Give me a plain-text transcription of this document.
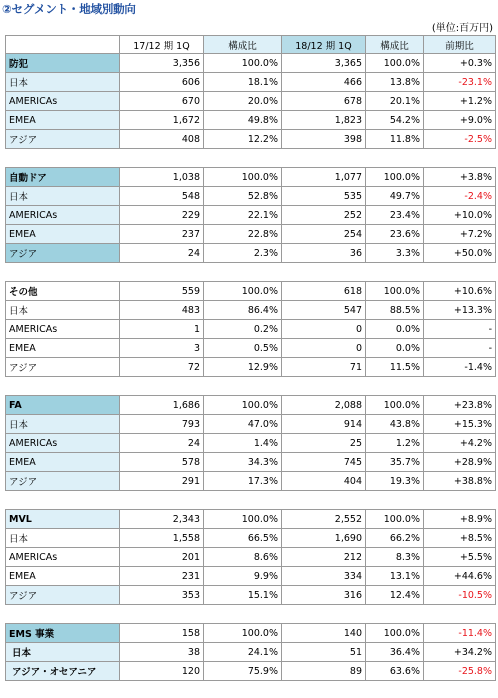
②セグメント・地域別動向
(単位:百万円)
	17/12 期 1Q	構成比	18/12 期 1Q	構成比	前期比
防犯	3,356	100.0%	3,365	100.0%	+0.3%
日本	606	18.1%	466	13.8%	-23.1%
AMERICAs	670	20.0%	678	20.1%	+1.2%
EMEA	1,672	49.8%	1,823	54.2%	+9.0%
アジア	408	12.2%	398	11.8%	-2.5%

自動ドア	1,038	100.0%	1,077	100.0%	+3.8%
日本	548	52.8%	535	49.7%	-2.4%
AMERICAs	229	22.1%	252	23.4%	+10.0%
EMEA	237	22.8%	254	23.6%	+7.2%
アジア	24	2.3%	36	3.3%	+50.0%

その他	559	100.0%	618	100.0%	+10.6%
日本	483	86.4%	547	88.5%	+13.3%
AMERICAs	1	0.2%	0	0.0%	-
EMEA	3	0.5%	0	0.0%	-
アジア	72	12.9%	71	11.5%	-1.4%

FA	1,686	100.0%	2,088	100.0%	+23.8%
日本	793	47.0%	914	43.8%	+15.3%
AMERICAs	24	1.4%	25	1.2%	+4.2%
EMEA	578	34.3%	745	35.7%	+28.9%
アジア	291	17.3%	404	19.3%	+38.8%

MVL	2,343	100.0%	2,552	100.0%	+8.9%
日本	1,558	66.5%	1,690	66.2%	+8.5%
AMERICAs	201	8.6%	212	8.3%	+5.5%
EMEA	231	9.9%	334	13.1%	+44.6%
アジア	353	15.1%	316	12.4%	-10.5%

EMS 事業	158	100.0%	140	100.0%	-11.4%
日本	38	24.1%	51	36.4%	+34.2%
アジア・オセアニア	120	75.9%	89	63.6%	-25.8%
